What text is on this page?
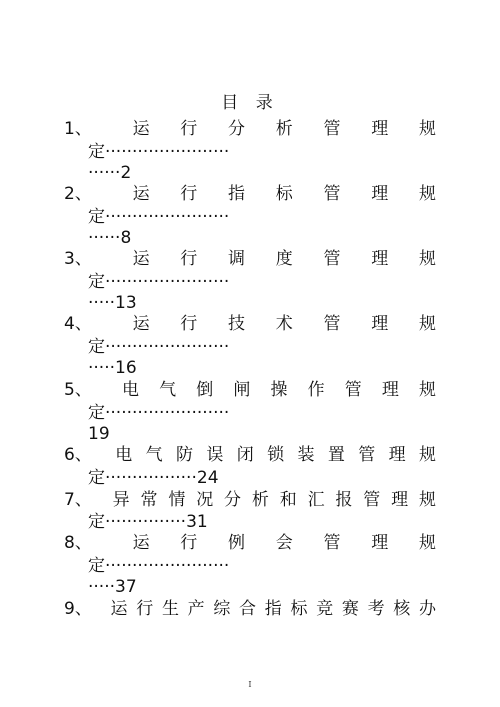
目 录
1、 运 行 分 析 管 理 规
定·······················
······2
2、 运 行 指 标 管 理 规
定·······················
······8
3、 运 行 调 度 管 理 规
定·······················
·····13
4、 运 行 技 术 管 理 规
定·······················
·····16
5、 电 气 倒 闸 操 作 管 理 规
定·······················
19
6、 电 气 防 误 闭 锁 装 置 管 理 规
定·················24
7、 异 常 情 况 分 析 和 汇 报 管 理 规
定···············31
8、 运 行 例 会 管 理 规
定·······················
·····37
9、 运 行 生 产 综 合 指 标 竞 赛 考 核 办
I
